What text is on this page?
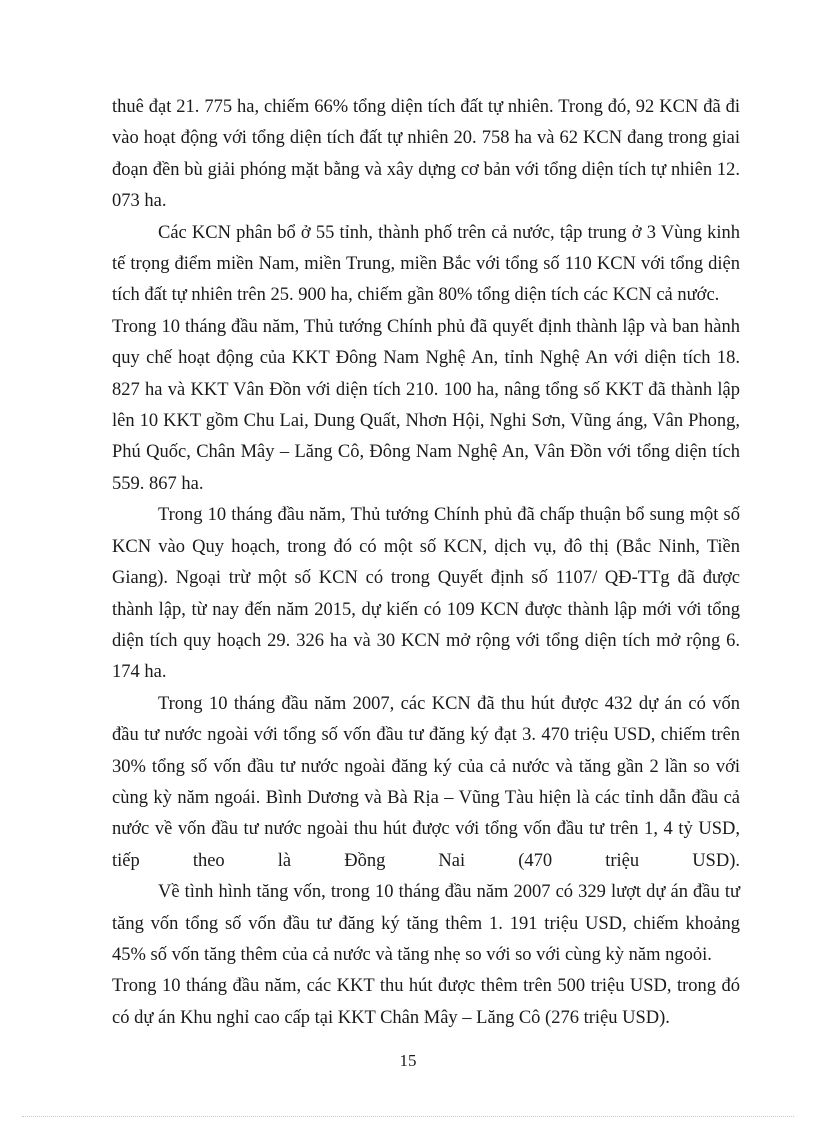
thuê đạt 21. 775 ha, chiếm 66% tổng diện tích đất tự nhiên. Trong đó, 92 KCN đã đi vào hoạt động với tổng diện tích đất tự nhiên 20. 758 ha và 62 KCN đang trong giai đoạn đền bù giải phóng mặt bằng và xây dựng cơ bản với tổng diện tích tự nhiên 12. 073 ha.

Các KCN phân bổ ở 55 tỉnh, thành phố trên cả nước, tập trung ở 3 Vùng kinh tế trọng điểm miền Nam, miền Trung, miền Bắc với tổng số 110 KCN với tổng diện tích đất tự nhiên trên 25. 900 ha, chiếm gần 80% tổng diện tích các KCN cả nước.

Trong 10 tháng đầu năm, Thủ tướng Chính phủ đã quyết định thành lập và ban hành quy chế hoạt động của KKT Đông Nam Nghệ An, tỉnh Nghệ An với diện tích 18. 827 ha và KKT Vân Đồn với diện tích 210. 100 ha, nâng tổng số KKT đã thành lập lên 10 KKT gồm Chu Lai, Dung Quất, Nhơn Hội, Nghi Sơn, Vũng áng, Vân Phong, Phú Quốc, Chân Mây – Lăng Cô, Đông Nam Nghệ An, Vân Đồn với tổng diện tích 559. 867 ha.

Trong 10 tháng đầu năm, Thủ tướng Chính phủ đã chấp thuận bổ sung một số KCN vào Quy hoạch, trong đó có một số KCN, dịch vụ, đô thị (Bắc Ninh, Tiền Giang). Ngoại trừ một số KCN có trong Quyết định số 1107/ QĐ-TTg đã được thành lập, từ nay đến năm 2015, dự kiến có 109 KCN được thành lập mới với tổng diện tích quy hoạch 29. 326 ha và 30 KCN mở rộng với tổng diện tích mở rộng 6. 174 ha.

Trong 10 tháng đầu năm 2007, các KCN đã thu hút được 432 dự án có vốn đầu tư nước ngoài với tổng số vốn đầu tư đăng ký đạt 3. 470 triệu USD, chiếm trên 30% tổng số vốn đầu tư nước ngoài đăng ký của cả nước và tăng gần 2 lần so với cùng kỳ năm ngoái. Bình Dương và Bà Rịa – Vũng Tàu hiện là các tỉnh dẫn đầu cả nước về vốn đầu tư nước ngoài thu hút được với tổng vốn đầu tư trên 1, 4 tỷ USD, tiếp theo là Đồng Nai (470 triệu USD).

Về tình hình tăng vốn, trong 10 tháng đầu năm 2007 có 329 lượt dự án đầu tư tăng vốn tổng số vốn đầu tư đăng ký tăng thêm 1. 191 triệu USD, chiếm khoảng 45% số vốn tăng thêm của cả nước và tăng nhẹ so với so với cùng kỳ năm ngoỏi.

Trong 10 tháng đầu năm, các KKT thu hút được thêm trên 500 triệu USD, trong đó có dự án Khu nghỉ cao cấp tại KKT Chân Mây – Lăng Cô (276 triệu USD).

15
